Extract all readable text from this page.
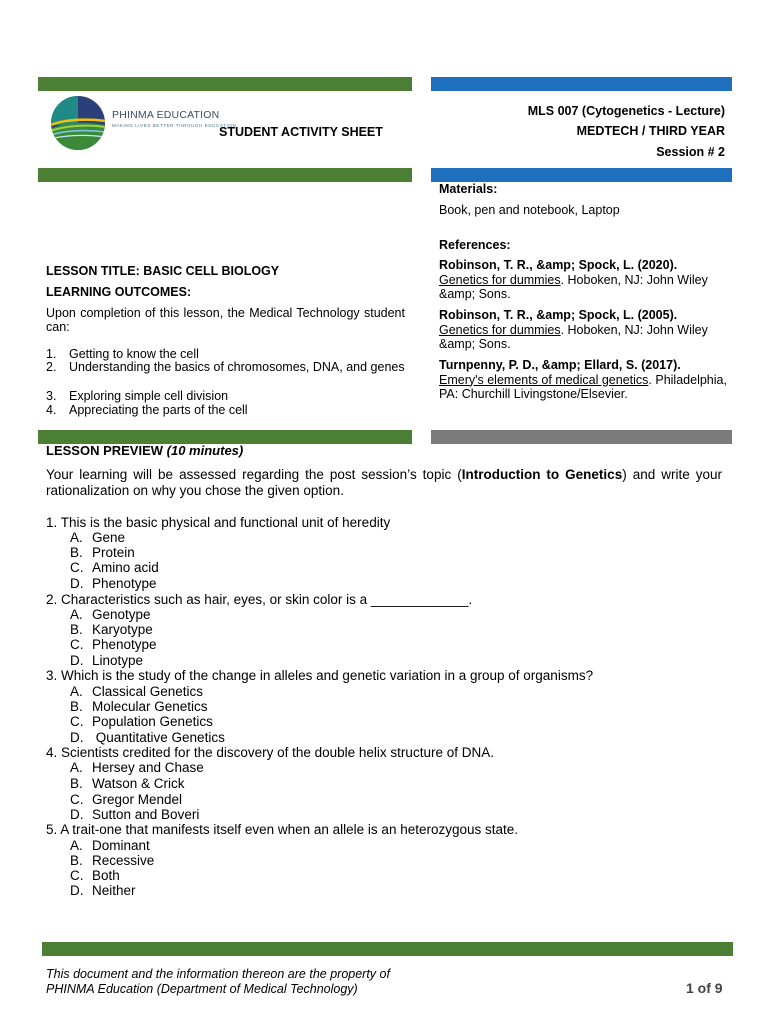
PHINMA EDUCATION
MAKING LIVES BETTER THROUGH EDUCATION
STUDENT ACTIVITY SHEET
MLS 007 (Cytogenetics - Lecture)
MEDTECH / THIRD YEAR
Session # 2
Materials:
Book, pen and notebook, Laptop
References:
Robinson, T. R., &amp; Spock, L. (2020).
Genetics for dummies. Hoboken, NJ: John Wiley &amp; Sons.
Robinson, T. R., &amp; Spock, L. (2005).
Genetics for dummies. Hoboken, NJ: John Wiley &amp; Sons.
Turnpenny, P. D., &amp; Ellard, S. (2017).
Emery's elements of medical genetics. Philadelphia, PA: Churchill Livingstone/Elsevier.
LESSON TITLE: BASIC CELL BIOLOGY
LEARNING OUTCOMES:
Upon completion of this lesson, the Medical Technology student can:
1.	Getting to know the cell
2.	Understanding the basics of chromosomes, DNA, and genes
3.	Exploring simple cell division
4.	Appreciating the parts of the cell
LESSON PREVIEW (10 minutes)
Your learning will be assessed regarding the post session’s topic (Introduction to Genetics) and write your rationalization on why you chose the given option.
1. This is the basic physical and functional unit of heredity
A. Gene
B. Protein
C. Amino acid
D. Phenotype
2. Characteristics such as hair, eyes, or skin color is a _____________.
A. Genotype
B. Karyotype
C. Phenotype
D. Linotype
3. Which is the study of the change in alleles and genetic variation in a group of organisms?
A. Classical Genetics
B. Molecular Genetics
C. Population Genetics
D. Quantitative Genetics
4. Scientists credited for the discovery of the double helix structure of DNA.
A. Hersey and Chase
B. Watson & Crick
C. Gregor Mendel
D. Sutton and Boveri
5. A trait-one that manifests itself even when an allele is an heterozygous state.
A. Dominant
B. Recessive
C. Both
D. Neither
This document and the information thereon are the property of
PHINMA Education (Department of Medical Technology)	1 of 9
